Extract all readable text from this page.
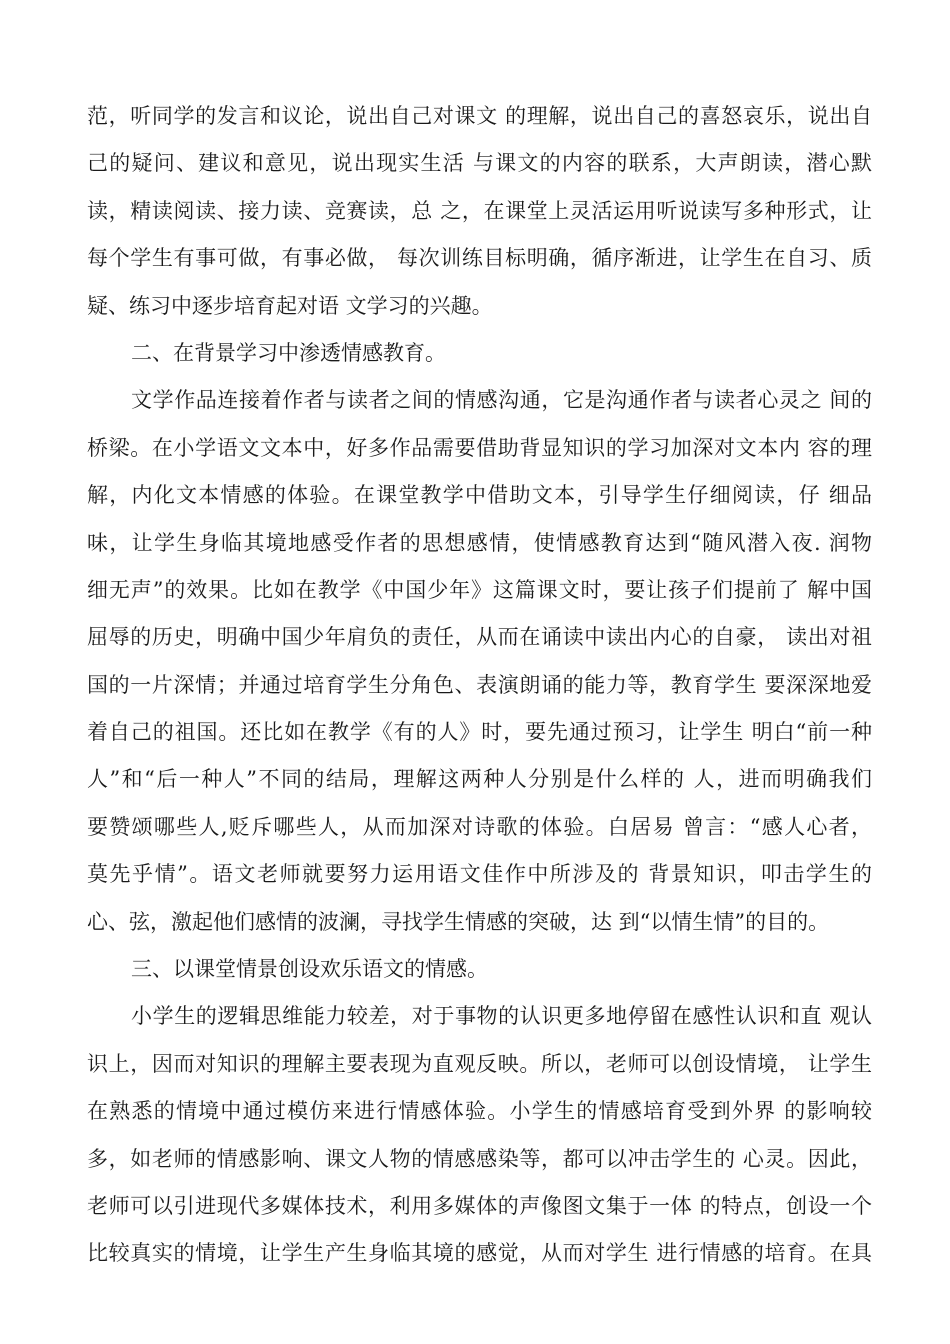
范，听同学的发言和议论，说出自己对课文 的理解，说出自己的喜怒哀乐，说出自
己的疑问、建议和意见，说出现实生活 与课文的内容的联系，大声朗读，潜心默
读，精读阅读、接力读、竞赛读，总 之，在课堂上灵活运用听说读写多种形式，让
每个学生有事可做，有事必做， 每次训练目标明确，循序渐进，让学生在自习、质
疑、练习中逐步培育起对语 文学习的兴趣。
二、在背景学习中渗透情感教育。
文学作品连接着作者与读者之间的情感沟通，它是沟通作者与读者心灵之 间的
桥梁。在小学语文文本中，好多作品需要借助背显知识的学习加深对文本内 容的理
解，内化文本情感的体验。在课堂教学中借助文本，引导学生仔细阅读，仔 细品
味，让学生身临其境地感受作者的思想感情，使情感教育达到“随风潜入夜. 润物
细无声”的效果。比如在教学《中国少年》这篇课文时，要让孩子们提前了 解中国
屈辱的历史，明确中国少年肩负的责任，从而在诵读中读出内心的自豪， 读出对祖
国的一片深情；并通过培育学生分角色、表演朗诵的能力等，教育学生 要深深地爱
着自己的祖国。还比如在教学《有的人》时，要先通过预习，让学生 明白“前一种
人”和“后一种人”不同的结局，理解这两种人分别是什么样的 人，进而明确我们
要赞颂哪些人,贬斥哪些人，从而加深对诗歌的体验。白居易 曾言：“感人心者，
莫先乎情”。语文老师就要努力运用语文佳作中所涉及的 背景知识，叩击学生的
心、弦，激起他们感情的波澜，寻找学生情感的突破，达 到“以情生情”的目的。
三、以课堂情景创设欢乐语文的情感。
小学生的逻辑思维能力较差，对于事物的认识更多地停留在感性认识和直 观认
识上，因而对知识的理解主要表现为直观反映。所以，老师可以创设情境， 让学生
在熟悉的情境中通过模仿来进行情感体验。小学生的情感培育受到外界 的影响较
多，如老师的情感影响、课文人物的情感感染等，都可以冲击学生的 心灵。因此，
老师可以引进现代多媒体技术，利用多媒体的声像图文集于一体 的特点，创设一个
比较真实的情境，让学生产生身临其境的感觉，从而对学生 进行情感的培育。在具
